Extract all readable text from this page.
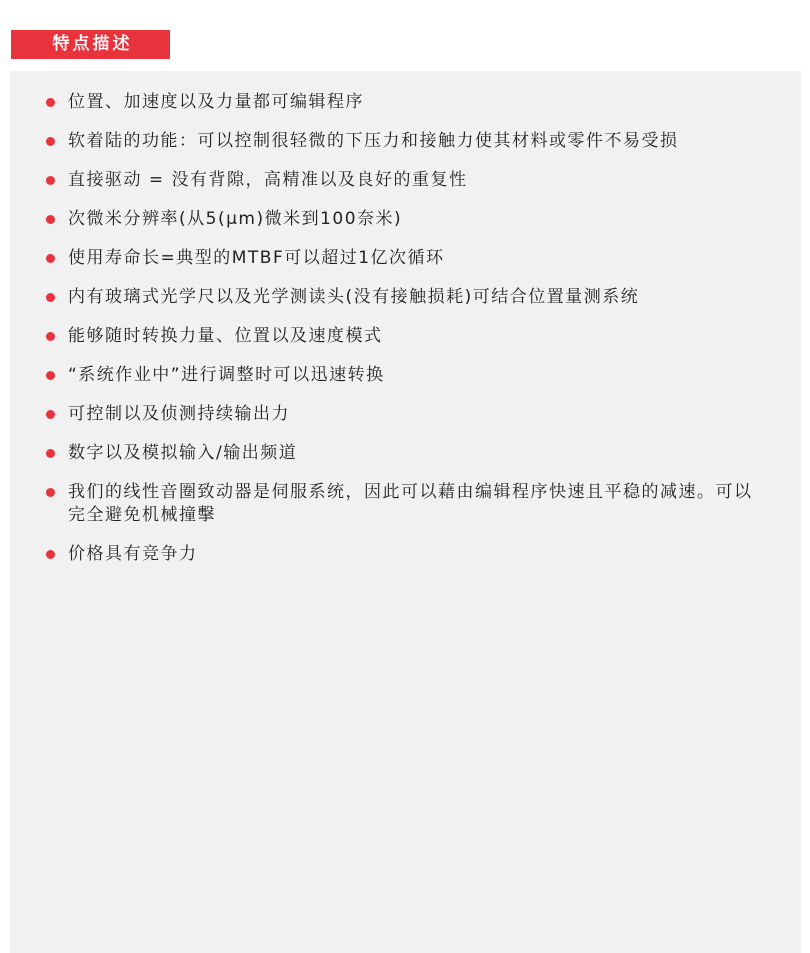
特点描述
位置、加速度以及力量都可编辑程序
软着陆的功能：可以控制很轻微的下压力和接触力使其材料或零件不易受损
直接驱动 = 没有背隙，高精准以及良好的重复性
次微米分辨率(从5(μm)微米到100奈米)
使用寿命长=典型的MTBF可以超过1亿次循环
内有玻璃式光学尺以及光学测读头(没有接触损耗)可结合位置量测系统
能够随时转换力量、位置以及速度模式
“系统作业中”进行调整时可以迅速转换
可控制以及侦测持续输出力
数字以及模拟输入/输出频道
我们的线性音圈致动器是伺服系统，因此可以藉由编辑程序快速且平稳的减速。可以完全避免机械撞擊
价格具有竞争力
